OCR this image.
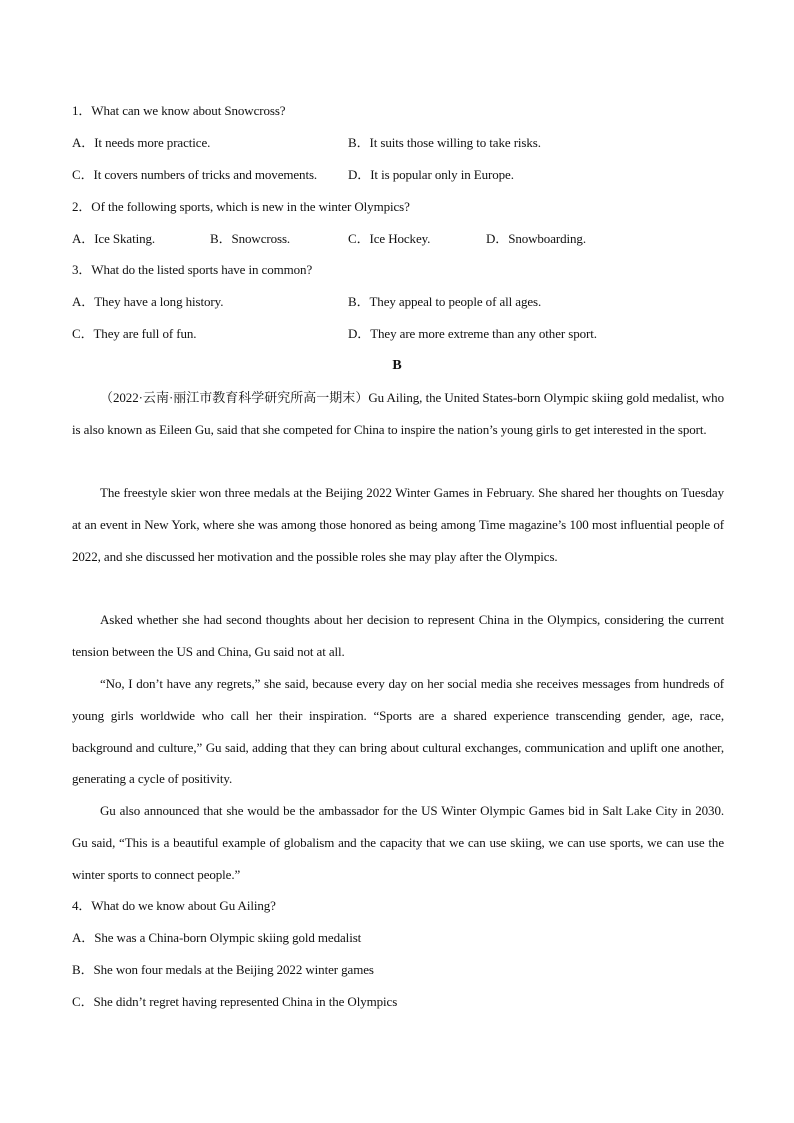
1．What can we know about Snowcross?
A．It needs more practice.	B．It suits those willing to take risks.
C．It covers numbers of tricks and movements. D．It is popular only in Europe.
2．Of the following sports, which is new in the winter Olympics?
A．Ice Skating.	B．Snowcross.	C．Ice Hockey.	D．Snowboarding.
3．What do the listed sports have in common?
A．They have a long history.	B．They appeal to people of all ages.
C．They are full of fun.	D．They are more extreme than any other sport.
B
（2022·云南·丽江市教育科学研究所高一期末）Gu Ailing, the United States-born Olympic skiing gold medalist, who is also known as Eileen Gu, said that she competed for China to inspire the nation’s young girls to get interested in the sport.
The freestyle skier won three medals at the Beijing 2022 Winter Games in February. She shared her thoughts on Tuesday at an event in New York, where she was among those honored as being among Time magazine’s 100 most influential people of 2022, and she discussed her motivation and the possible roles she may play after the Olympics.
Asked whether she had second thoughts about her decision to represent China in the Olympics, considering the current tension between the US and China, Gu said not at all.
“No, I don’t have any regrets,” she said, because every day on her social media she receives messages from hundreds of young girls worldwide who call her their inspiration. “Sports are a shared experience transcending gender, age, race, background and culture,” Gu said, adding that they can bring about cultural exchanges, communication and uplift one another, generating a cycle of positivity.
Gu also announced that she would be the ambassador for the US Winter Olympic Games bid in Salt Lake City in 2030. Gu said, “This is a beautiful example of globalism and the capacity that we can use skiing, we can use sports, we can use the winter sports to connect people.”
4．What do we know about Gu Ailing?
A．She was a China-born Olympic skiing gold medalist
B．She won four medals at the Beijing 2022 winter games
C．She didn’t regret having represented China in the Olympics
